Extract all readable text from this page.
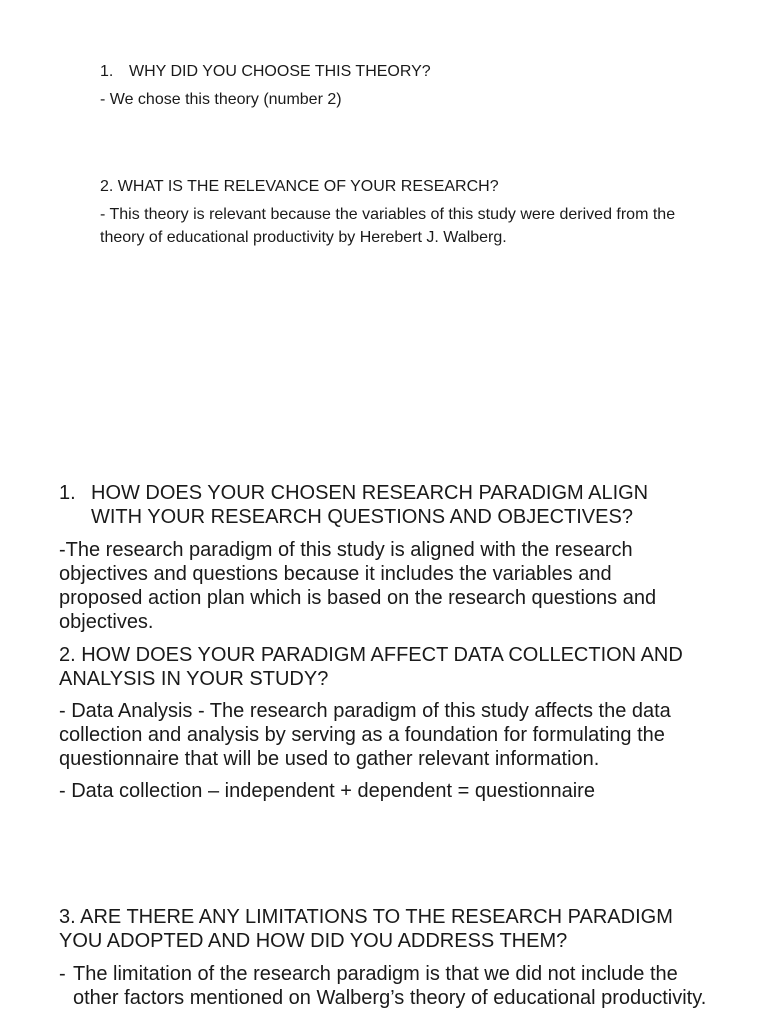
1. WHY DID YOU CHOOSE THIS THEORY?

- We chose this theory (number 2)

2. WHAT IS THE RELEVANCE OF YOUR RESEARCH?

- This theory is relevant because the variables of this study were derived from the theory of educational productivity by Herebert J. Walberg.

1. HOW DOES YOUR CHOSEN RESEARCH PARADIGM ALIGN WITH YOUR RESEARCH QUESTIONS AND OBJECTIVES?

-The research paradigm of this study is aligned with the research objectives and questions because it includes the variables and proposed action plan which is based on the research questions and objectives.

2. HOW DOES YOUR PARADIGM AFFECT DATA COLLECTION AND ANALYSIS IN YOUR STUDY?

- Data Analysis - The research paradigm of this study affects the data collection and analysis by serving as a foundation for formulating the questionnaire that will be used to gather relevant information.

- Data collection – independent + dependent = questionnaire

3. ARE THERE ANY LIMITATIONS TO THE RESEARCH PARADIGM YOU ADOPTED AND HOW DID YOU ADDRESS THEM?

- The limitation of the research paradigm is that we did not include the other factors mentioned on Walberg’s theory of educational productivity.
